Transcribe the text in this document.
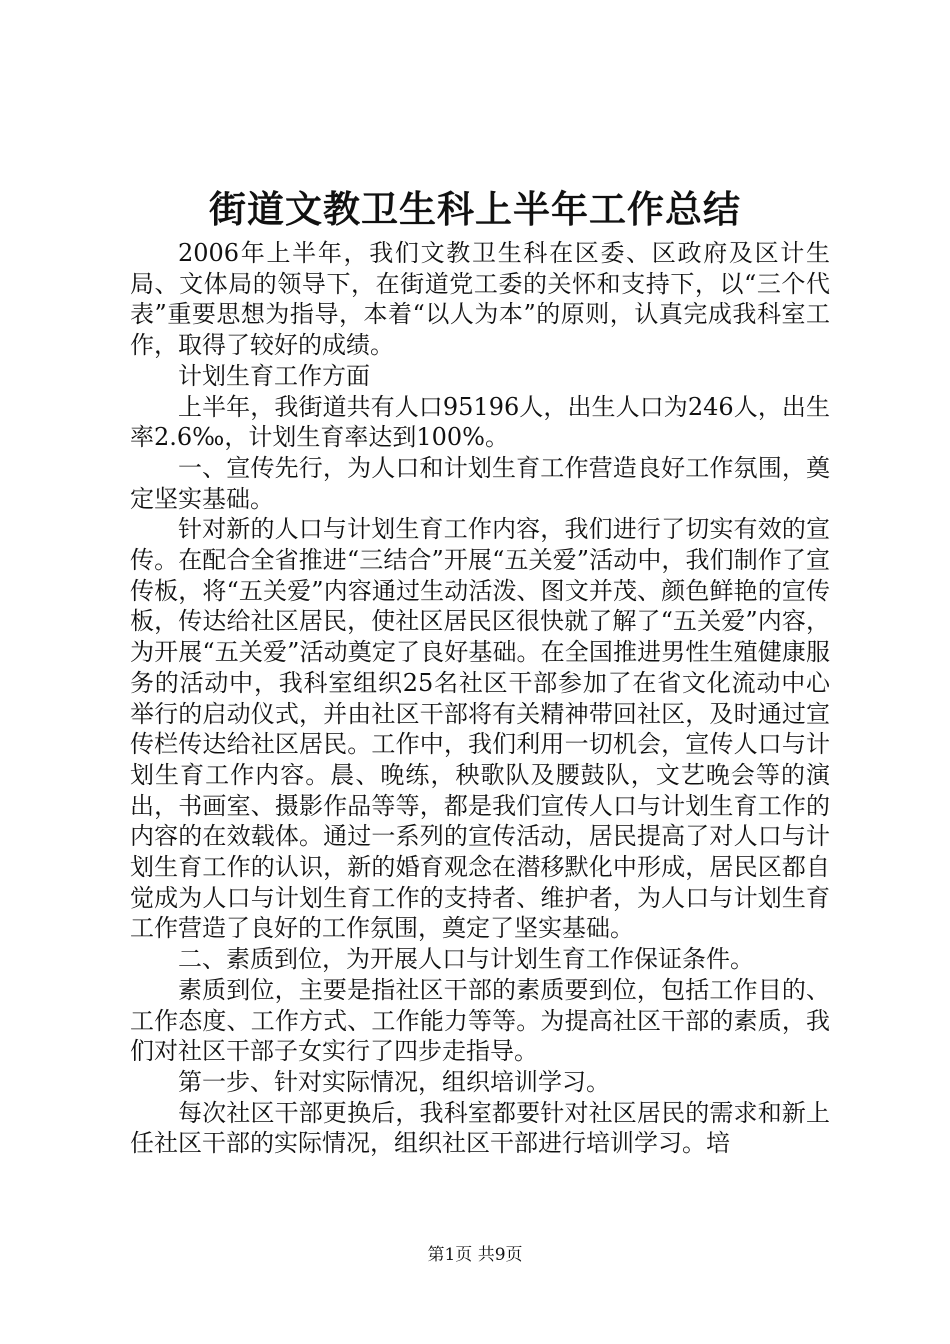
街道文教卫生科上半年工作总结

2006年上半年，我们文教卫生科在区委、区政府及区计生局、文体局的领导下，在街道党工委的关怀和支持下，以“三个代表”重要思想为指导，本着“以人为本”的原则，认真完成我科室工作，取得了较好的成绩。

计划生育工作方面

上半年，我街道共有人口95196人，出生人口为246人，出生率2.6‰，计划生育率达到100%。

一、宣传先行，为人口和计划生育工作营造良好工作氛围，奠定坚实基础。

针对新的人口与计划生育工作内容，我们进行了切实有效的宣传。在配合全省推进“三结合”开展“五关爱”活动中，我们制作了宣传板，将“五关爱”内容通过生动活泼、图文并茂、颜色鲜艳的宣传板，传达给社区居民，使社区居民区很快就了解了“五关爱”内容，为开展“五关爱”活动奠定了良好基础。在全国推进男性生殖健康服务的活动中，我科室组织25名社区干部参加了在省文化流动中心举行的启动仪式，并由社区干部将有关精神带回社区，及时通过宣传栏传达给社区居民。工作中，我们利用一切机会，宣传人口与计划生育工作内容。晨、晚练，秧歌队及腰鼓队，文艺晚会等的演出，书画室、摄影作品等等，都是我们宣传人口与计划生育工作的内容的在效载体。通过一系列的宣传活动，居民提高了对人口与计划生育工作的认识，新的婚育观念在潜移默化中形成，居民区都自觉成为人口与计划生育工作的支持者、维护者，为人口与计划生育工作营造了良好的工作氛围，奠定了坚实基础。

二、素质到位，为开展人口与计划生育工作保证条件。

素质到位，主要是指社区干部的素质要到位，包括工作目的、工作态度、工作方式、工作能力等等。为提高社区干部的素质，我们对社区干部子女实行了四步走指导。

第一步、针对实际情况，组织培训学习。

每次社区干部更换后，我科室都要针对社区居民的需求和新上任社区干部的实际情况，组织社区干部进行培训学习。培

第1页 共9页
